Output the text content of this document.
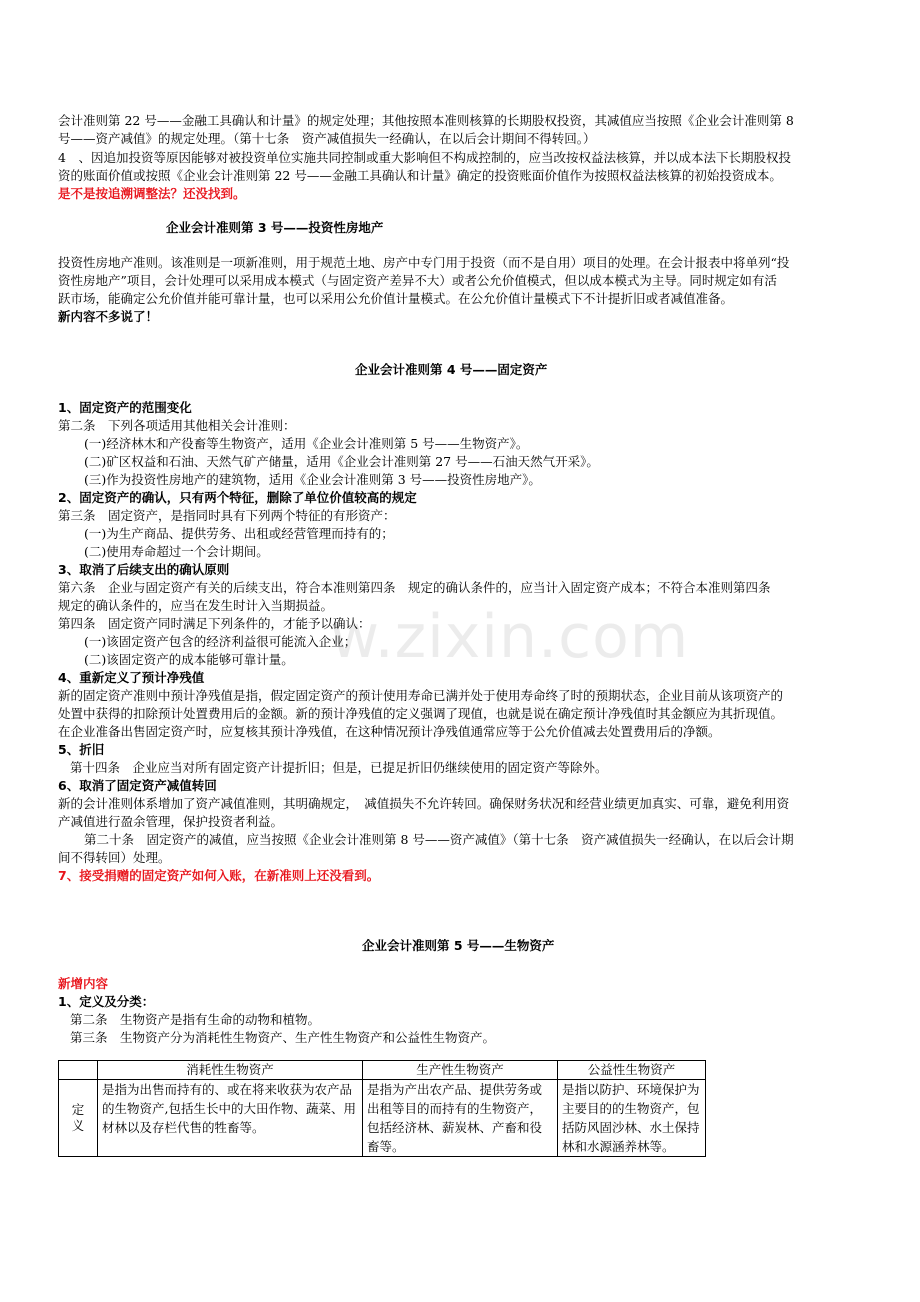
w.zixin.com
会计准则第 22 号——金融工具确认和计量》的规定处理；其他按照本准则核算的长期股权投资，其减值应当按照《企业会计准则第 8
号——资产减值》的规定处理。（第十七条　资产减值损失一经确认，在以后会计期间不得转回。）
4　、因追加投资等原因能够对被投资单位实施共同控制或重大影响但不构成控制的，应当改按权益法核算，并以成本法下长期股权投
资的账面价值或按照《企业会计准则第 22 号——金融工具确认和计量》确定的投资账面价值作为按照权益法核算的初始投资成本。
是不是按追溯调整法？还没找到。
企业会计准则第 3 号——投资性房地产
投资性房地产准则。该准则是一项新准则，用于规范土地、房产中专门用于投资（而不是自用）项目的处理。在会计报表中将单列“投
资性房地产”项目，会计处理可以采用成本模式（与固定资产差异不大）或者公允价值模式，但以成本模式为主导。同时规定如有活
跃市场，能确定公允价值并能可靠计量，也可以采用公允价值计量模式。在公允价值计量模式下不计提折旧或者减值准备。
新内容不多说了！
企业会计准则第 4 号——固定资产
1、固定资产的范围变化
第二条　下列各项适用其他相关会计准则：
(一)经济林木和产役畜等生物资产，适用《企业会计准则第 5 号——生物资产》。
(二)矿区权益和石油、天然气矿产储量，适用《企业会计准则第 27 号——石油天然气开采》。
(三)作为投资性房地产的建筑物，适用《企业会计准则第 3 号——投资性房地产》。
2、固定资产的确认，只有两个特征，删除了单位价值较高的规定
第三条　固定资产，是指同时具有下列两个特征的有形资产：
(一)为生产商品、提供劳务、出租或经营管理而持有的；
(二)使用寿命超过一个会计期间。
3、取消了后续支出的确认原则
第六条　企业与固定资产有关的后续支出，符合本准则第四条　规定的确认条件的，应当计入固定资产成本；不符合本准则第四条
规定的确认条件的，应当在发生时计入当期损益。
第四条　固定资产同时满足下列条件的，才能予以确认：
(一)该固定资产包含的经济利益很可能流入企业；
(二)该固定资产的成本能够可靠计量。
4、重新定义了预计净残值
新的固定资产准则中预计净残值是指，假定固定资产的预计使用寿命已满并处于使用寿命终了时的预期状态，企业目前从该项资产的
处置中获得的扣除预计处置费用后的金额。新的预计净残值的定义强调了现值，也就是说在确定预计净残值时其金额应为其折现值。
在企业准备出售固定资产时，应复核其预计净残值，在这种情况预计净残值通常应等于公允价值减去处置费用后的净额。
5、折旧
第十四条　企业应当对所有固定资产计提折旧；但是，已提足折旧仍继续使用的固定资产等除外。
6、取消了固定资产减值转回
新的会计准则体系增加了资产减值准则，其明确规定，　减值损失不允许转回。确保财务状况和经营业绩更加真实、可靠，避免利用资
产减值进行盈余管理，保护投资者利益。
第二十条　固定资产的减值，应当按照《企业会计准则第 8 号——资产减值》（第十七条　资产减值损失一经确认，在以后会计期
间不得转回）处理。
7、接受捐赠的固定资产如何入账，在新准则上还没看到。
企业会计准则第 5 号——生物资产
新增内容
1、定义及分类：
第二条　生物资产是指有生命的动物和植物。
第三条　生物资产分为消耗性生物资产、生产性生物资产和公益性生物资产。
	消耗性生物资产	生产性生物资产	公益性生物资产
定
义	是指为出售而持有的、或在将来收获为农产品的生物资产,包括生长中的大田作物、蔬菜、用材林以及存栏代售的牲畜等。	是指为产出农产品、提供劳务或出租等目的而持有的生物资产，包括经济林、薪炭林、产畜和役畜等。	是指以防护、环境保护为主要目的的生物资产，包括防风固沙林、水土保持林和水源涵养林等。
